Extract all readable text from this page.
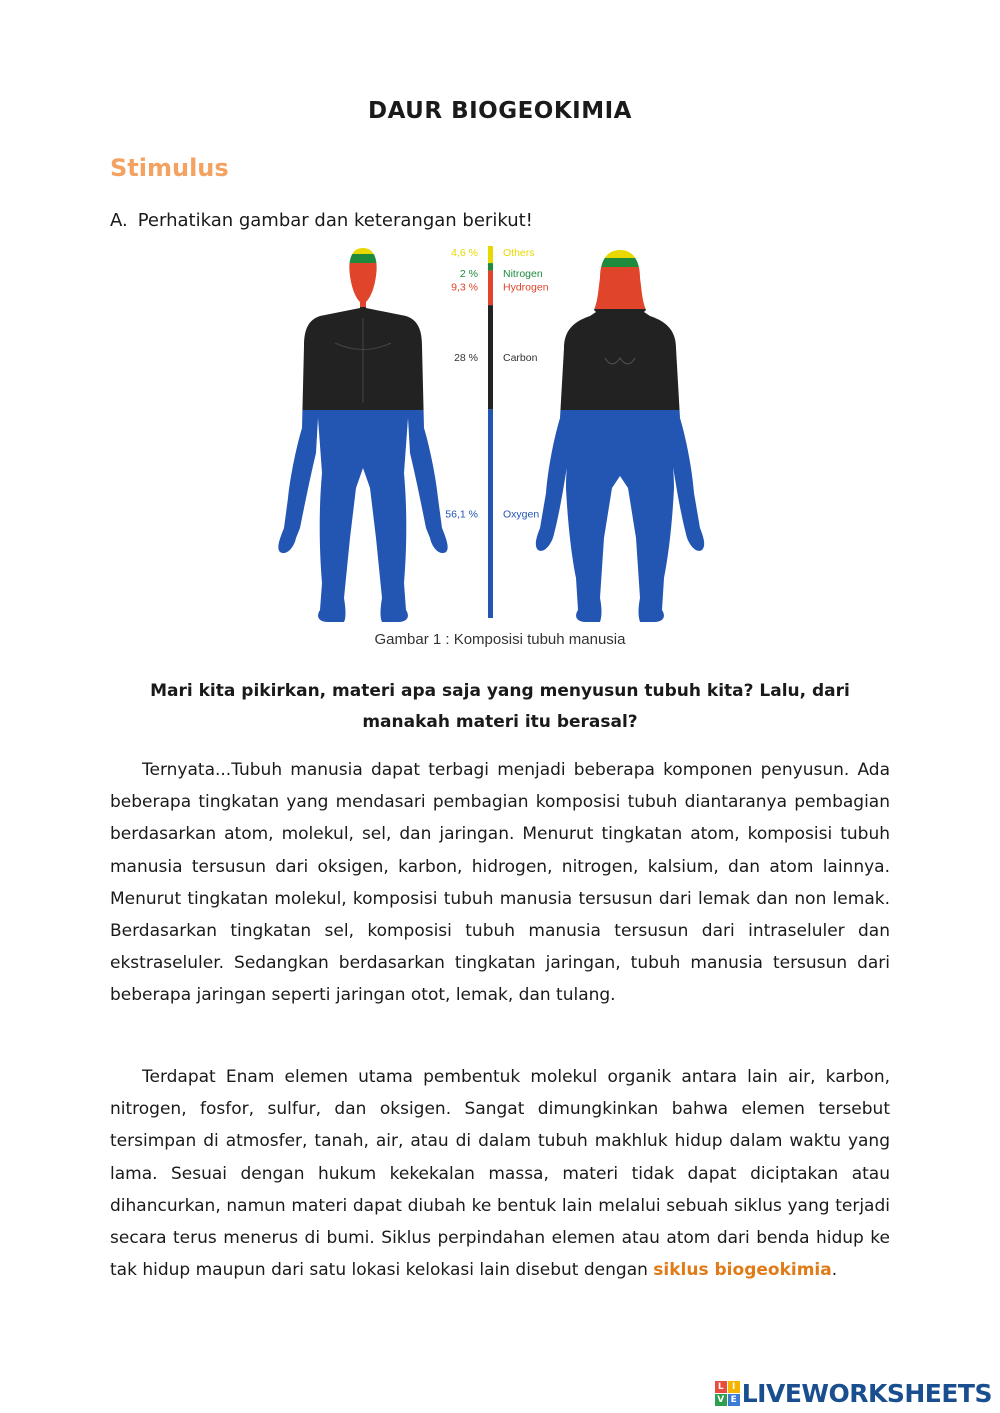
DAUR BIOGEOKIMIA
Stimulus
A. Perhatikan gambar dan keterangan berikut!
4,6 % Others
2 % Nitrogen
9,3 % Hydrogen
28 % Carbon
56,1 % Oxygen
Gambar 1 : Komposisi tubuh manusia
Mari kita pikirkan, materi apa saja yang menyusun tubuh kita? Lalu, dari manakah materi itu berasal?

Ternyata...Tubuh manusia dapat terbagi menjadi beberapa komponen penyusun. Ada beberapa tingkatan yang mendasari pembagian komposisi tubuh diantaranya pembagian berdasarkan atom, molekul, sel, dan jaringan. Menurut tingkatan atom, komposisi tubuh manusia tersusun dari oksigen, karbon, hidrogen, nitrogen, kalsium, dan atom lainnya. Menurut tingkatan molekul, komposisi tubuh manusia tersusun dari lemak dan non lemak. Berdasarkan tingkatan sel, komposisi tubuh manusia tersusun dari intraseluler dan ekstraseluler. Sedangkan berdasarkan tingkatan jaringan, tubuh manusia tersusun dari beberapa jaringan seperti jaringan otot, lemak, dan tulang.

Terdapat Enam elemen utama pembentuk molekul organik antara lain air, karbon, nitrogen, fosfor, sulfur, dan oksigen. Sangat dimungkinkan bahwa elemen tersebut tersimpan di atmosfer, tanah, air, atau di dalam tubuh makhluk hidup dalam waktu yang lama. Sesuai dengan hukum kekekalan massa, materi tidak dapat diciptakan atau dihancurkan, namun materi dapat diubah ke bentuk lain melalui sebuah siklus yang terjadi secara terus menerus di bumi. Siklus perpindahan elemen atau atom dari benda hidup ke tak hidup maupun dari satu lokasi kelokasi lain disebut dengan siklus biogeokimia.

L I
V E LIVEWORKSHEETS
